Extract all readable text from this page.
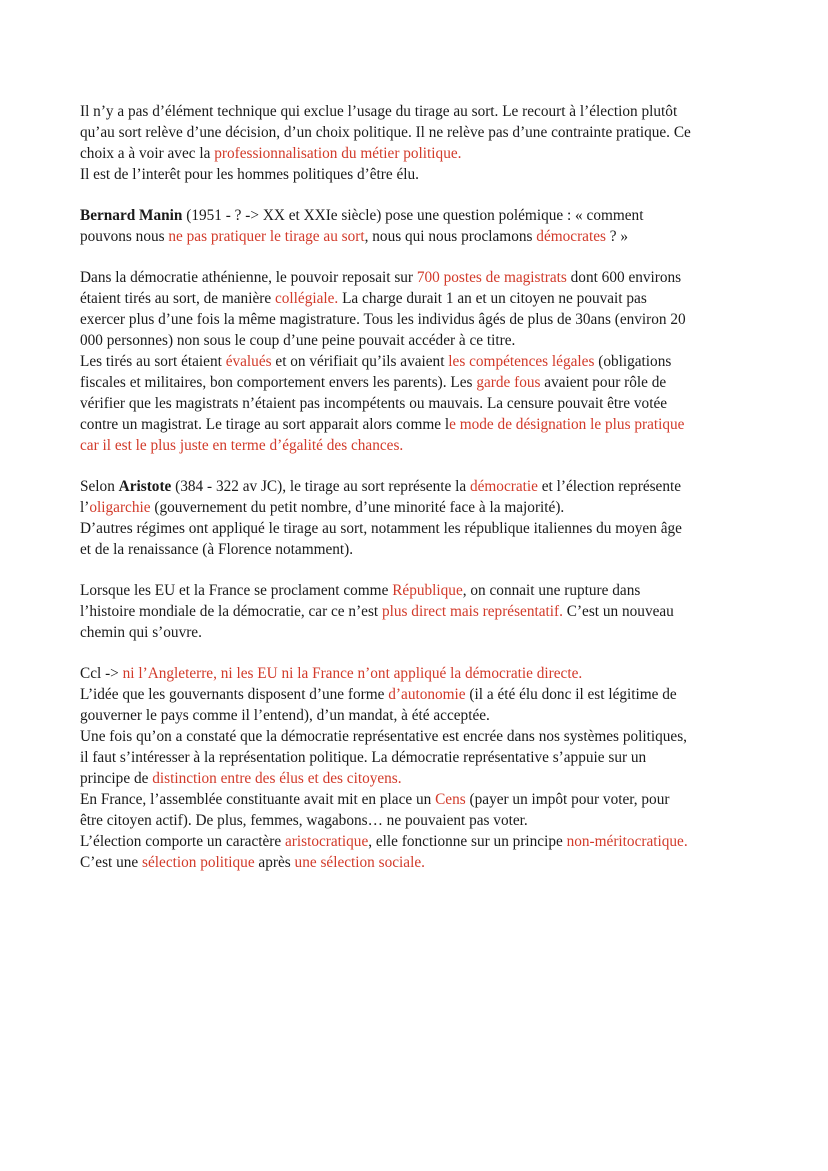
Il n’y a pas d’élément technique qui exclue l’usage du tirage au sort. Le recourt à l’élection plutôt
qu’au sort relève d’une décision, d’un choix politique. Il ne relève pas d’une contrainte pratique. Ce
choix a à voir avec la professionnalisation du métier politique.
Il est de l’interêt pour les hommes politiques d’être élu.

Bernard Manin (1951 - ? -> XX et XXIe siècle) pose une question polémique : « comment
pouvons nous ne pas pratiquer le tirage au sort, nous qui nous proclamons démocrates ? »

Dans la démocratie athénienne, le pouvoir reposait sur 700 postes de magistrats dont 600 environs
étaient tirés au sort, de manière collégiale. La charge durait 1 an et un citoyen ne pouvait pas
exercer plus d’une fois la même magistrature. Tous les individus âgés de plus de 30ans (environ 20
000 personnes) non sous le coup d’une peine pouvait accéder à ce titre.
Les tirés au sort étaient évalués et on vérifiait qu’ils avaient les compétences légales (obligations
fiscales et militaires, bon comportement envers les parents). Les garde fous avaient pour rôle de
vérifier que les magistrats n’étaient pas incompétents ou mauvais. La censure pouvait être votée
contre un magistrat. Le tirage au sort apparait alors comme le mode de désignation le plus pratique
car il est le plus juste en terme d’égalité des chances.

Selon Aristote (384 - 322 av JC), le tirage au sort représente la démocratie et l’élection représente
l’oligarchie (gouvernement du petit nombre, d’une minorité face à la majorité).
D’autres régimes ont appliqué le tirage au sort, notamment les république italiennes du moyen âge
et de la renaissance (à Florence notamment).

Lorsque les EU et la France se proclament comme République, on connait une rupture dans
l’histoire mondiale de la démocratie, car ce n’est plus direct mais représentatif. C’est un nouveau
chemin qui s’ouvre.

Ccl -> ni l’Angleterre, ni les EU ni la France n’ont appliqué la démocratie directe.
L’idée que les gouvernants disposent d’une forme d’autonomie (il a été élu donc il est légitime de
gouverner le pays comme il l’entend), d’un mandat, à été acceptée.
Une fois qu’on a constaté que la démocratie représentative est encrée dans nos systèmes politiques,
il faut s’intéresser à la représentation politique. La démocratie représentative s’appuie sur un
principe de distinction entre des élus et des citoyens.
En France, l’assemblée constituante avait mit en place un Cens (payer un impôt pour voter, pour
être citoyen actif). De plus, femmes, wagabons… ne pouvaient pas voter.
L’élection comporte un caractère aristocratique, elle fonctionne sur un principe non-méritocratique.
C’est une sélection politique après une sélection sociale.
